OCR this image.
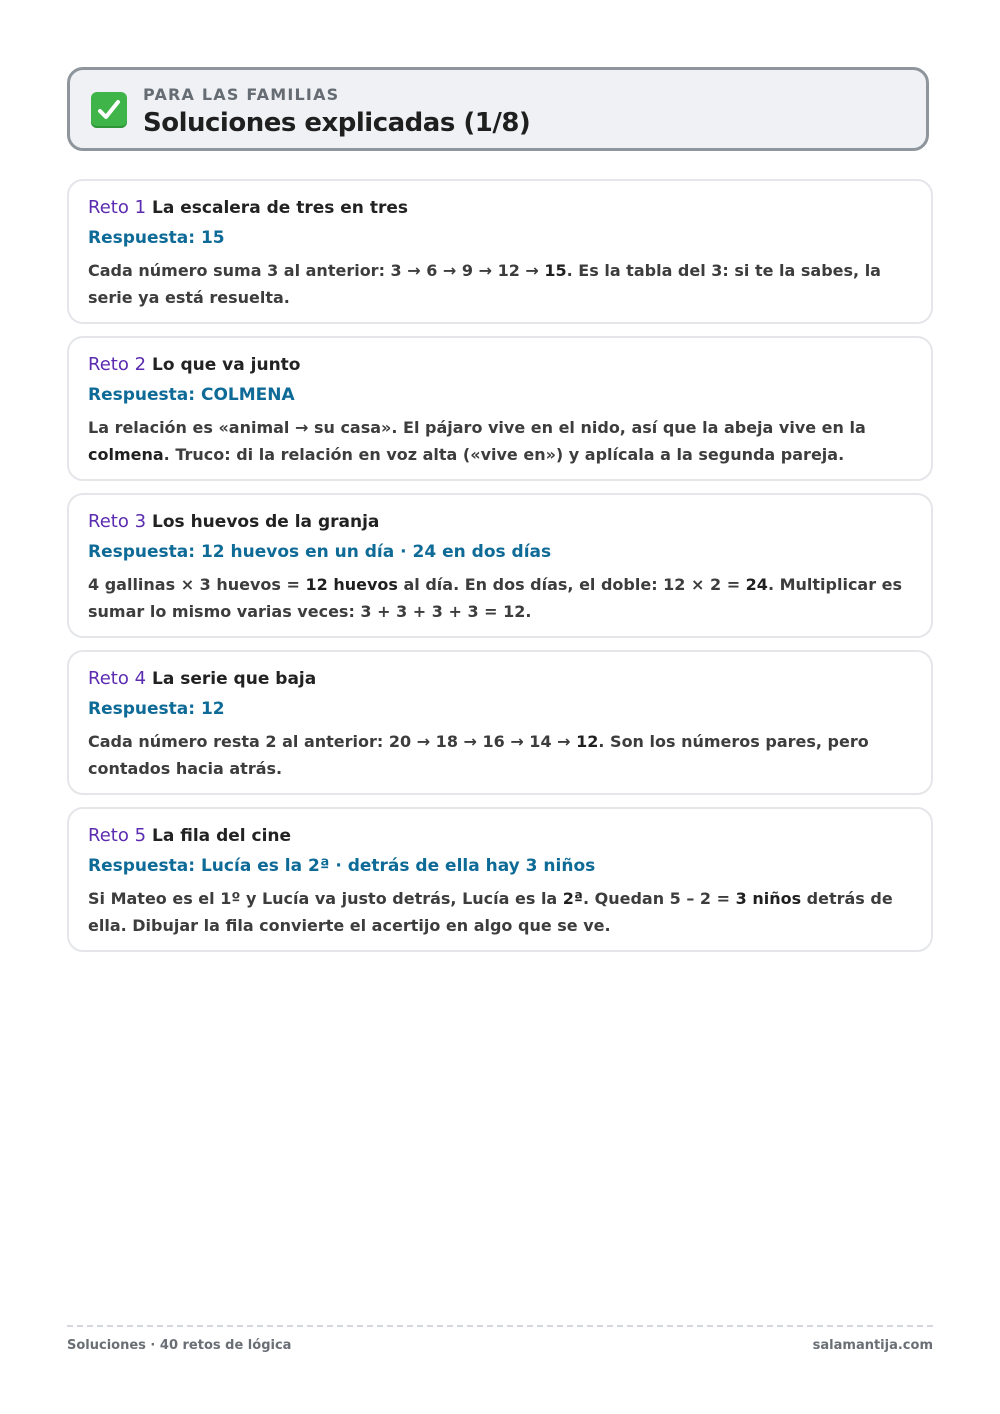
PARA LAS FAMILIAS
Soluciones explicadas (1/8)
Reto 1 La escalera de tres en tres
Respuesta: 15
Cada número suma 3 al anterior: 3 → 6 → 9 → 12 → 15. Es la tabla del 3: si te la sabes, la serie ya está resuelta.
Reto 2 Lo que va junto
Respuesta: COLMENA
La relación es «animal → su casa». El pájaro vive en el nido, así que la abeja vive en la colmena. Truco: di la relación en voz alta («vive en») y aplícala a la segunda pareja.
Reto 3 Los huevos de la granja
Respuesta: 12 huevos en un día · 24 en dos días
4 gallinas × 3 huevos = 12 huevos al día. En dos días, el doble: 12 × 2 = 24. Multiplicar es sumar lo mismo varias veces: 3 + 3 + 3 + 3 = 12.
Reto 4 La serie que baja
Respuesta: 12
Cada número resta 2 al anterior: 20 → 18 → 16 → 14 → 12. Son los números pares, pero contados hacia atrás.
Reto 5 La fila del cine
Respuesta: Lucía es la 2ª · detrás de ella hay 3 niños
Si Mateo es el 1º y Lucía va justo detrás, Lucía es la 2ª. Quedan 5 – 2 = 3 niños detrás de ella. Dibujar la fila convierte el acertijo en algo que se ve.
Soluciones · 40 retos de lógica	salamantija.com
